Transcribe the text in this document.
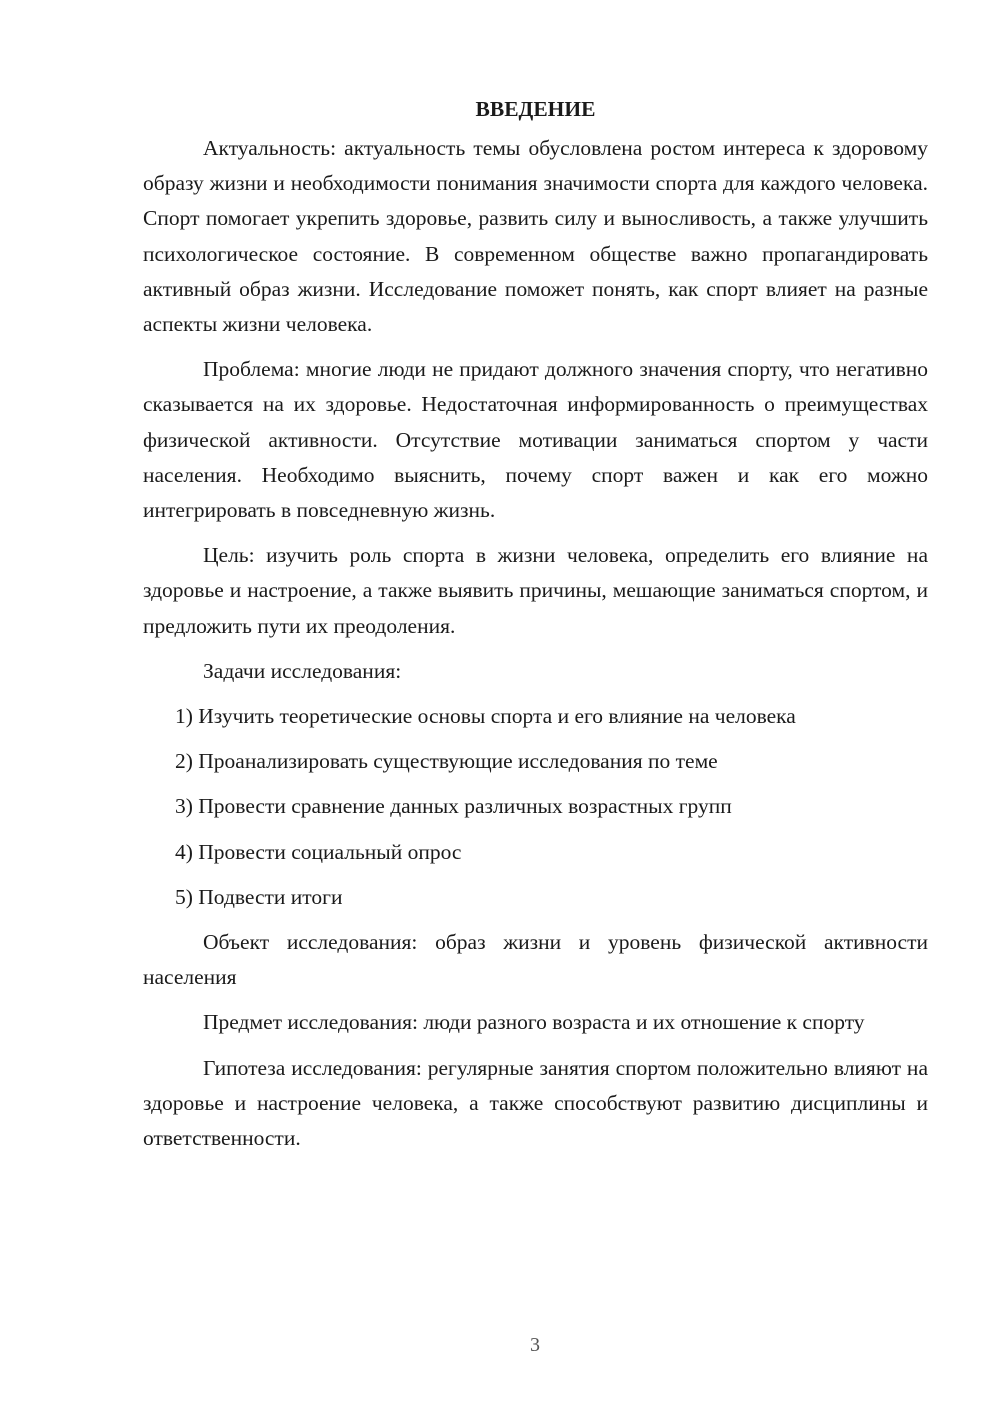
ВВЕДЕНИЕ

Актуальность: актуальность темы обусловлена ростом интереса к здоровому образу жизни и необходимости понимания значимости спорта для каждого человека. Спорт помогает укрепить здоровье, развить силу и выносливость, а также улучшить психологическое состояние. В современном обществе важно пропагандировать активный образ жизни. Исследование поможет понять, как спорт влияет на разные аспекты жизни человека.

Проблема: многие люди не придают должного значения спорту, что негативно сказывается на их здоровье. Недостаточная информированность о преимуществах физической активности. Отсутствие мотивации заниматься спортом у части населения. Необходимо выяснить, почему спорт важен и как его можно интегрировать в повседневную жизнь.

Цель: изучить роль спорта в жизни человека, определить его влияние на здоровье и настроение, а также выявить причины, мешающие заниматься спортом, и предложить пути их преодоления.

Задачи исследования:

1) Изучить теоретические основы спорта и его влияние на человека
2) Проанализировать существующие исследования по теме
3) Провести сравнение данных различных возрастных групп
4) Провести социальный опрос
5) Подвести итоги

Объект исследования: образ жизни и уровень физической активности населения

Предмет исследования: люди разного возраста и их отношение к спорту

Гипотеза исследования: регулярные занятия спортом положительно влияют на здоровье и настроение человека, а также способствуют развитию дисциплины и ответственности.

3
